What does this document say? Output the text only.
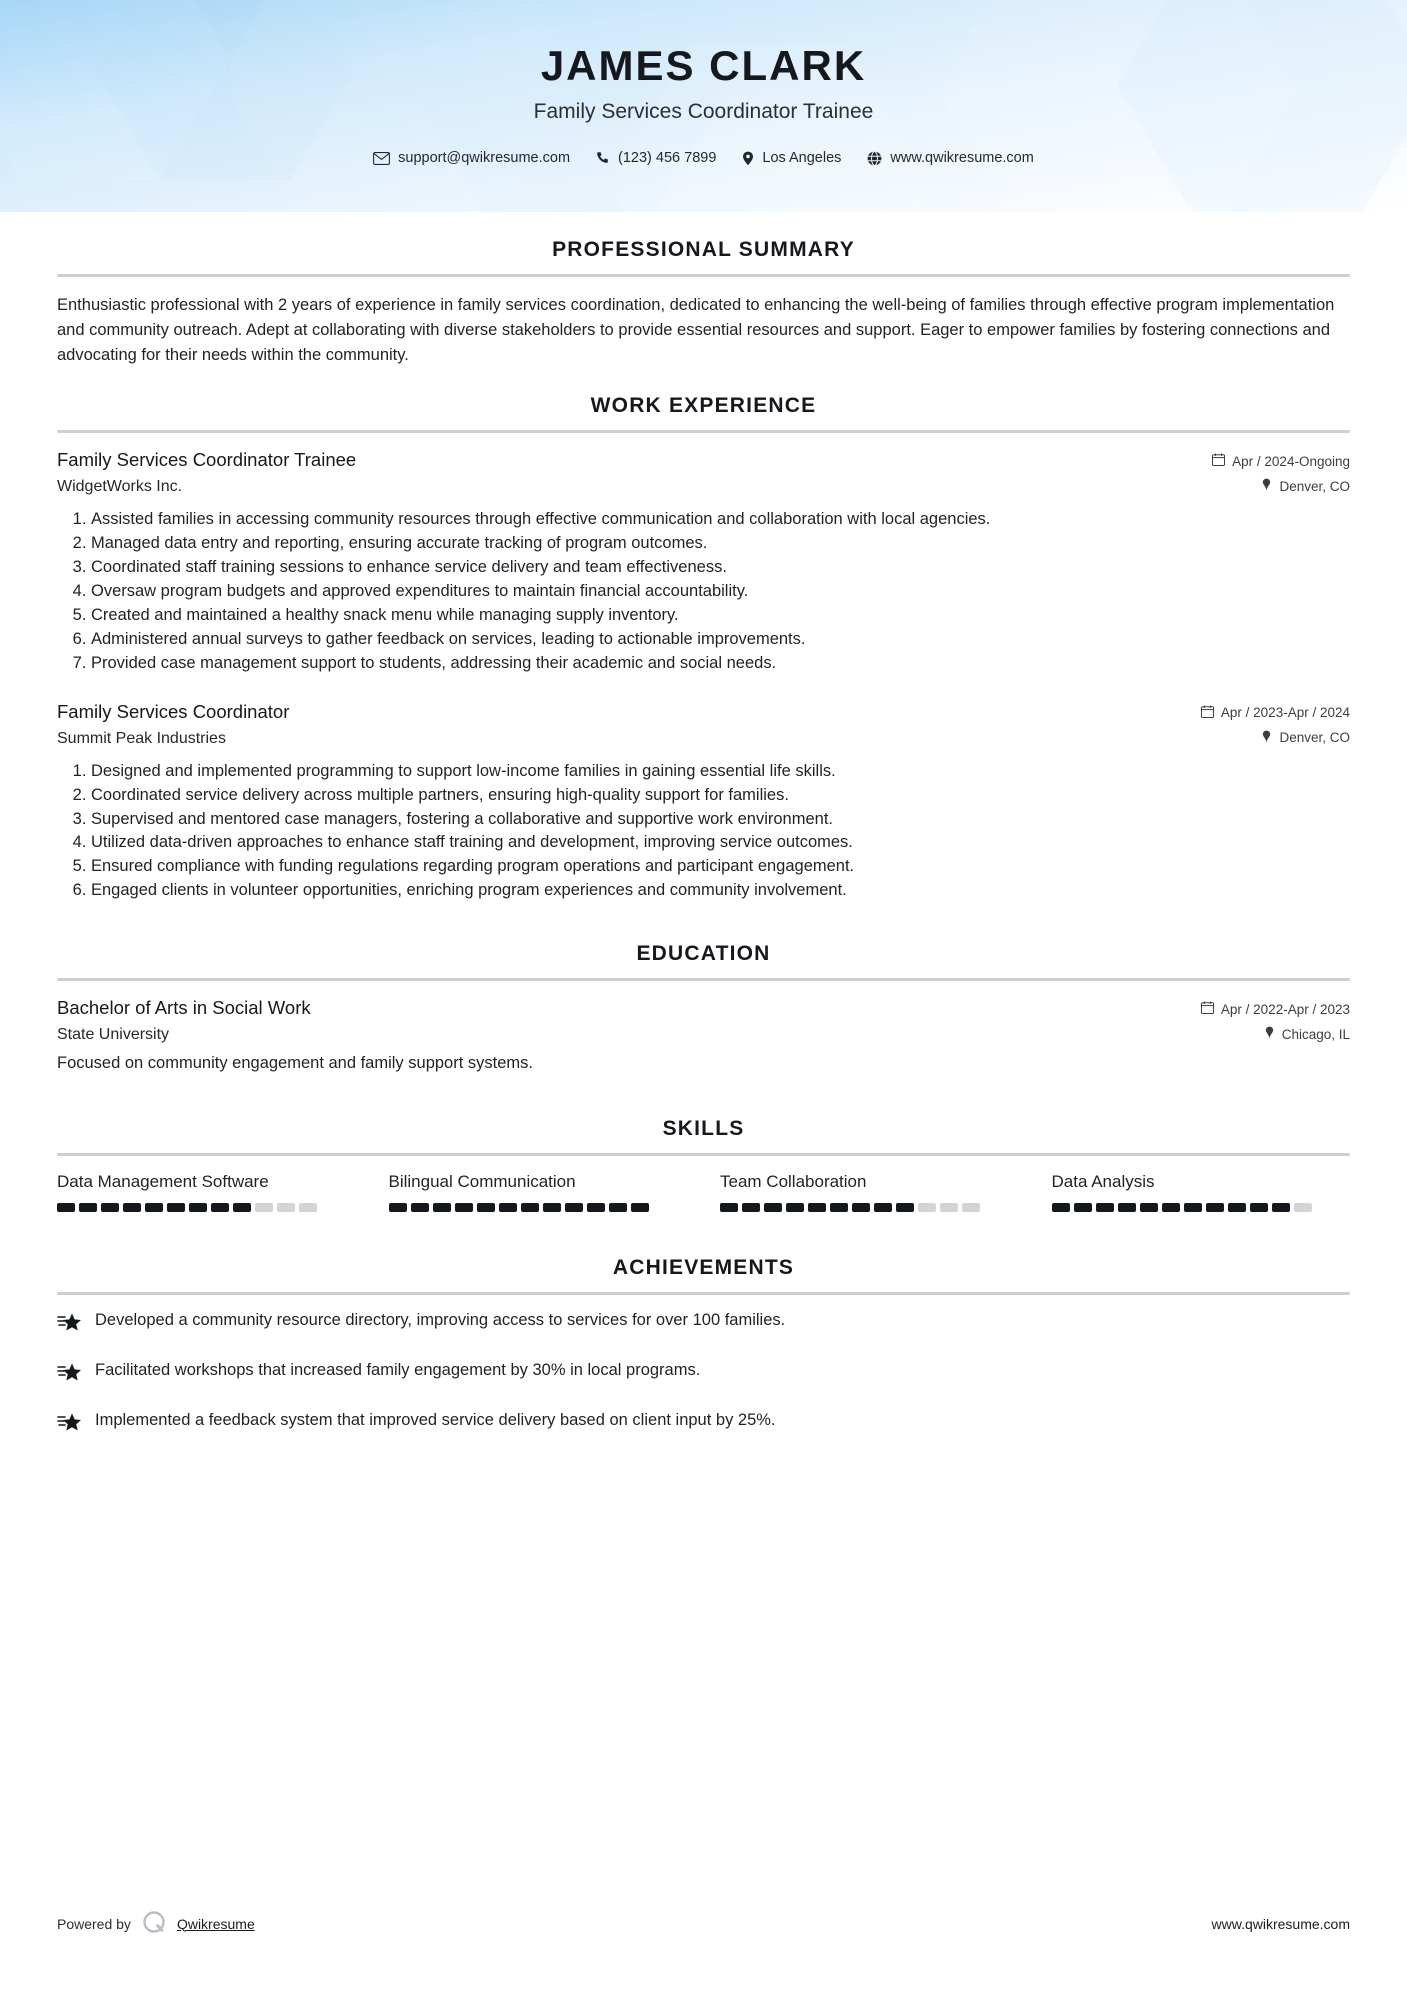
JAMES CLARK
Family Services Coordinator Trainee
support@qwikresume.com	(123) 456 7899	Los Angeles	www.qwikresume.com
PROFESSIONAL SUMMARY

Enthusiastic professional with 2 years of experience in family services coordination, dedicated to enhancing the well-being of families through effective program implementation and community outreach. Adept at collaborating with diverse stakeholders to provide essential resources and support. Eager to empower families by fostering connections and advocating for their needs within the community.

WORK EXPERIENCE
Family Services Coordinator Trainee	Apr / 2024-Ongoing
WidgetWorks Inc.	Denver, CO
1. Assisted families in accessing community resources through effective communication and collaboration with local agencies.
2. Managed data entry and reporting, ensuring accurate tracking of program outcomes.
3. Coordinated staff training sessions to enhance service delivery and team effectiveness.
4. Oversaw program budgets and approved expenditures to maintain financial accountability.
5. Created and maintained a healthy snack menu while managing supply inventory.
6. Administered annual surveys to gather feedback on services, leading to actionable improvements.
7. Provided case management support to students, addressing their academic and social needs.
Family Services Coordinator	Apr / 2023-Apr / 2024
Summit Peak Industries	Denver, CO
1. Designed and implemented programming to support low-income families in gaining essential life skills.
2. Coordinated service delivery across multiple partners, ensuring high-quality support for families.
3. Supervised and mentored case managers, fostering a collaborative and supportive work environment.
4. Utilized data-driven approaches to enhance staff training and development, improving service outcomes.
5. Ensured compliance with funding regulations regarding program operations and participant engagement.
6. Engaged clients in volunteer opportunities, enriching program experiences and community involvement.
EDUCATION
Bachelor of Arts in Social Work	Apr / 2022-Apr / 2023
State University	Chicago, IL
Focused on community engagement and family support systems.
SKILLS
Data Management Software	Bilingual Communication	Team Collaboration	Data Analysis
ACHIEVEMENTS
Developed a community resource directory, improving access to services for over 100 families.
Facilitated workshops that increased family engagement by 30% in local programs.
Implemented a feedback system that improved service delivery based on client input by 25%.
Powered by	Qwikresume	www.qwikresume.com
